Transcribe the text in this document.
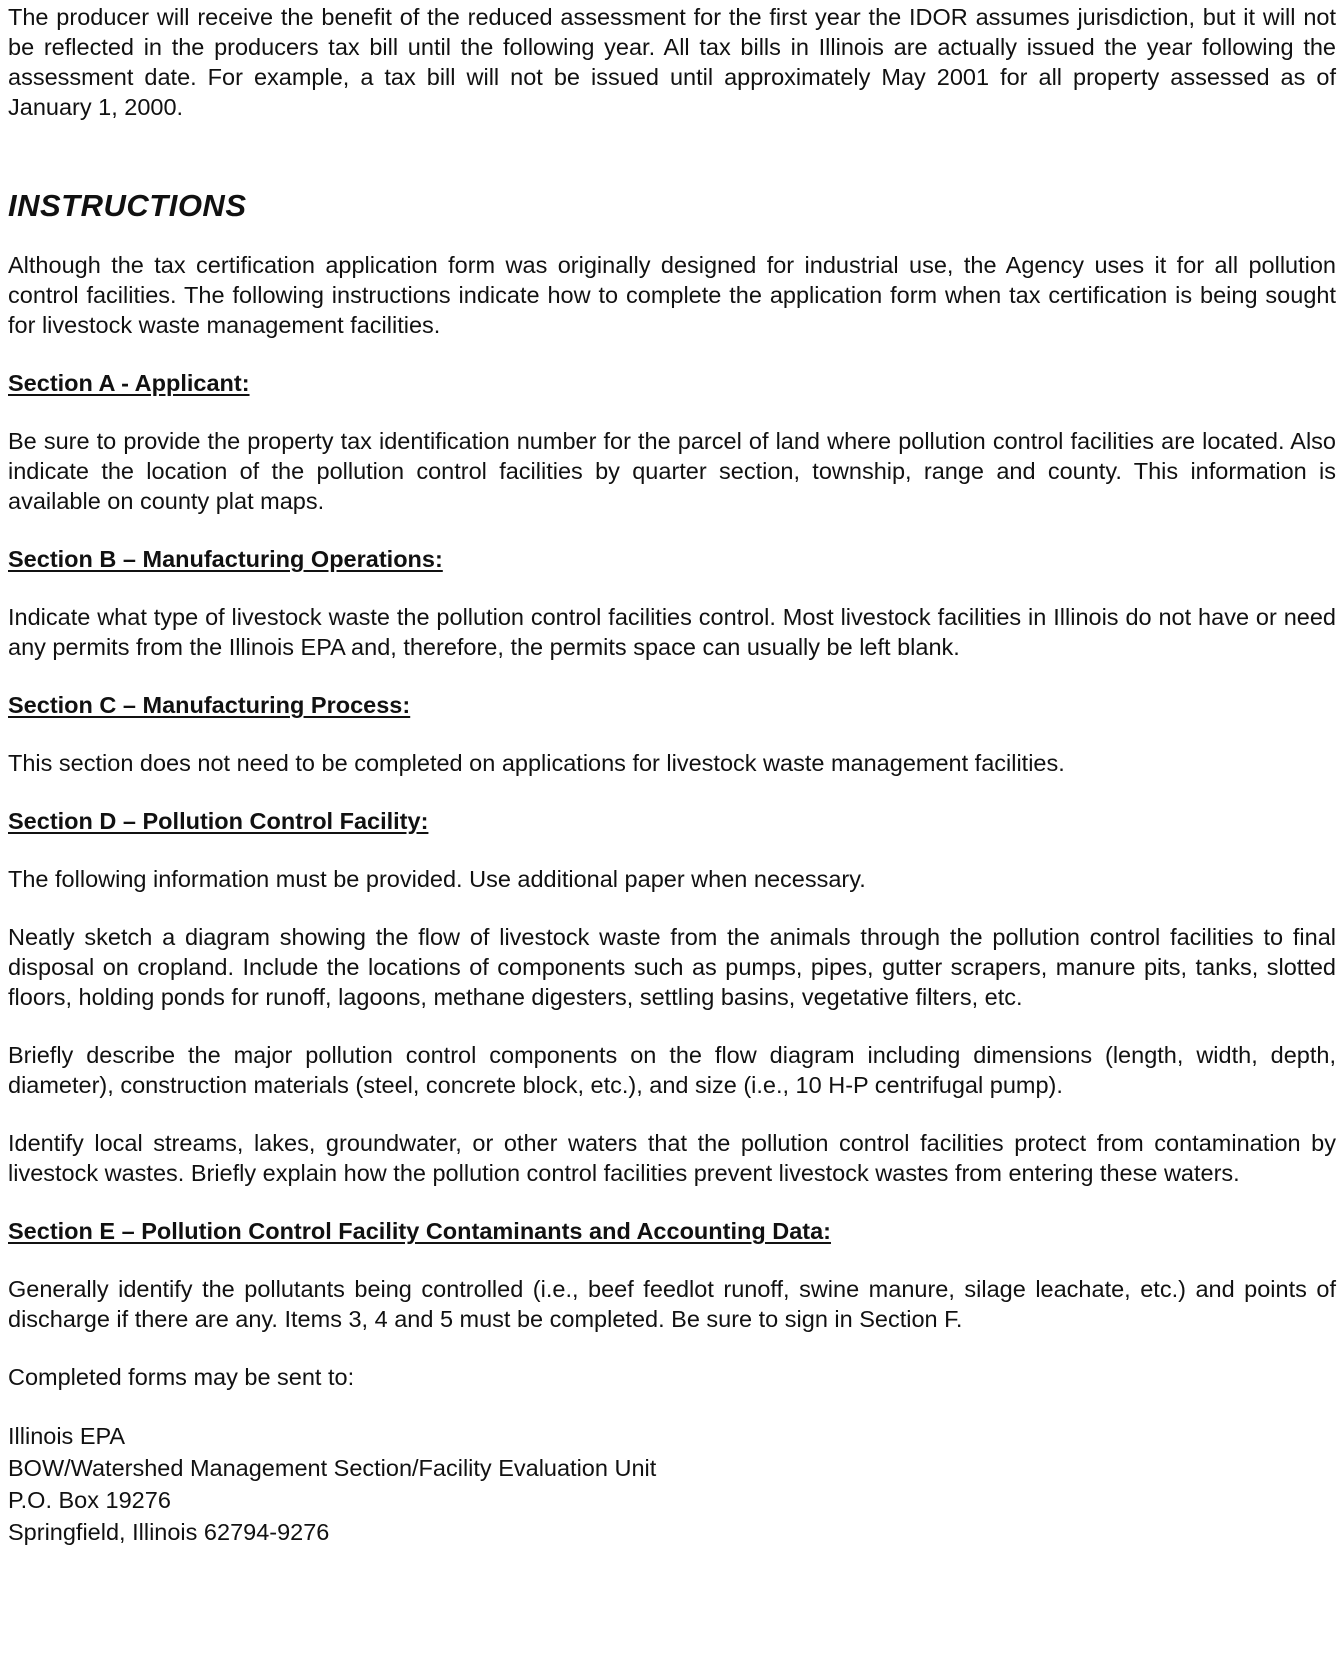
The producer will receive the benefit of the reduced assessment for the first year the IDOR assumes jurisdiction, but it will not be reflected in the producers tax bill until the following year. All tax bills in Illinois are actually issued the year following the assessment date. For example, a tax bill will not be issued until approximately May 2001 for all property assessed as of January 1, 2000.

INSTRUCTIONS

Although the tax certification application form was originally designed for industrial use, the Agency uses it for all pollution control facilities. The following instructions indicate how to complete the application form when tax certification is being sought for livestock waste management facilities.

Section A - Applicant:

Be sure to provide the property tax identification number for the parcel of land where pollution control facilities are located. Also indicate the location of the pollution control facilities by quarter section, township, range and county. This information is available on county plat maps.

Section B – Manufacturing Operations:

Indicate what type of livestock waste the pollution control facilities control. Most livestock facilities in Illinois do not have or need any permits from the Illinois EPA and, therefore, the permits space can usually be left blank.

Section C – Manufacturing Process:

This section does not need to be completed on applications for livestock waste management facilities.

Section D – Pollution Control Facility:

The following information must be provided. Use additional paper when necessary.

Neatly sketch a diagram showing the flow of livestock waste from the animals through the pollution control facilities to final disposal on cropland. Include the locations of components such as pumps, pipes, gutter scrapers, manure pits, tanks, slotted floors, holding ponds for runoff, lagoons, methane digesters, settling basins, vegetative filters, etc.

Briefly describe the major pollution control components on the flow diagram including dimensions (length, width, depth, diameter), construction materials (steel, concrete block, etc.), and size (i.e., 10 H-P centrifugal pump).

Identify local streams, lakes, groundwater, or other waters that the pollution control facilities protect from contamination by livestock wastes. Briefly explain how the pollution control facilities prevent livestock wastes from entering these waters.

Section E – Pollution Control Facility Contaminants and Accounting Data:

Generally identify the pollutants being controlled (i.e., beef feedlot runoff, swine manure, silage leachate, etc.) and points of discharge if there are any. Items 3, 4 and 5 must be completed. Be sure to sign in Section F.

Completed forms may be sent to:

Illinois EPA
BOW/Watershed Management Section/Facility Evaluation Unit
P.O. Box 19276
Springfield, Illinois 62794-9276
